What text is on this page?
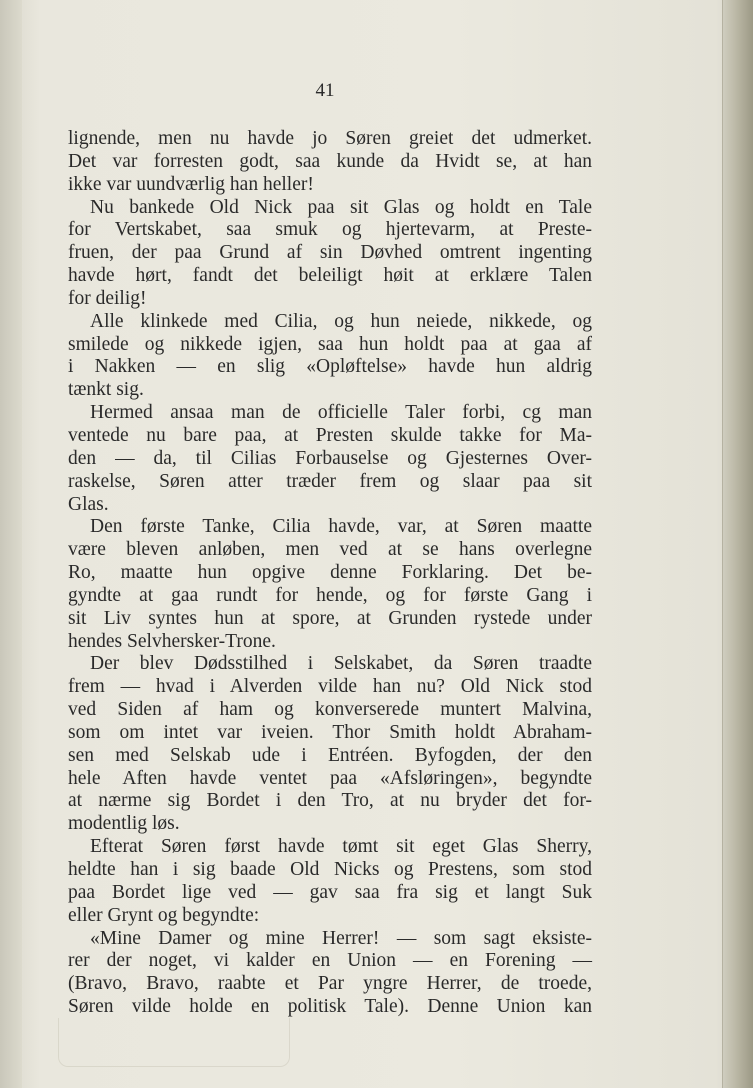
41
lignende, men nu havde jo Søren greiet det udmerket.
Det var forresten godt, saa kunde da Hvidt se, at han
ikke var uundværlig han heller!
Nu bankede Old Nick paa sit Glas og holdt en Tale
for Vertskabet, saa smuk og hjertevarm, at Preste-
fruen, der paa Grund af sin Døvhed omtrent ingenting
havde hørt, fandt det beleiligt høit at erklære Talen
for deilig!
Alle klinkede med Cilia, og hun neiede, nikkede, og
smilede og nikkede igjen, saa hun holdt paa at gaa af
i Nakken — en slig «Opløftelse» havde hun aldrig
tænkt sig.
Hermed ansaa man de officielle Taler forbi, cg man
ventede nu bare paa, at Presten skulde takke for Ma-
den — da, til Cilias Forbauselse og Gjesternes Over-
raskelse, Søren atter træder frem og slaar paa sit
Glas.
Den første Tanke, Cilia havde, var, at Søren maatte
være bleven anløben, men ved at se hans overlegne
Ro, maatte hun opgive denne Forklaring. Det be-
gyndte at gaa rundt for hende, og for første Gang i
sit Liv syntes hun at spore, at Grunden rystede under
hendes Selvhersker-Trone.
Der blev Dødsstilhed i Selskabet, da Søren traadte
frem — hvad i Alverden vilde han nu? Old Nick stod
ved Siden af ham og konverserede muntert Malvina,
som om intet var iveien. Thor Smith holdt Abraham-
sen med Selskab ude i Entréen. Byfogden, der den
hele Aften havde ventet paa «Afsløringen», begyndte
at nærme sig Bordet i den Tro, at nu bryder det for-
modentlig løs.
Efterat Søren først havde tømt sit eget Glas Sherry,
heldte han i sig baade Old Nicks og Prestens, som stod
paa Bordet lige ved — gav saa fra sig et langt Suk
eller Grynt og begyndte:
«Mine Damer og mine Herrer! — som sagt eksiste-
rer der noget, vi kalder en Union — en Forening —
(Bravo, Bravo, raabte et Par yngre Herrer, de troede,
Søren vilde holde en politisk Tale). Denne Union kan
